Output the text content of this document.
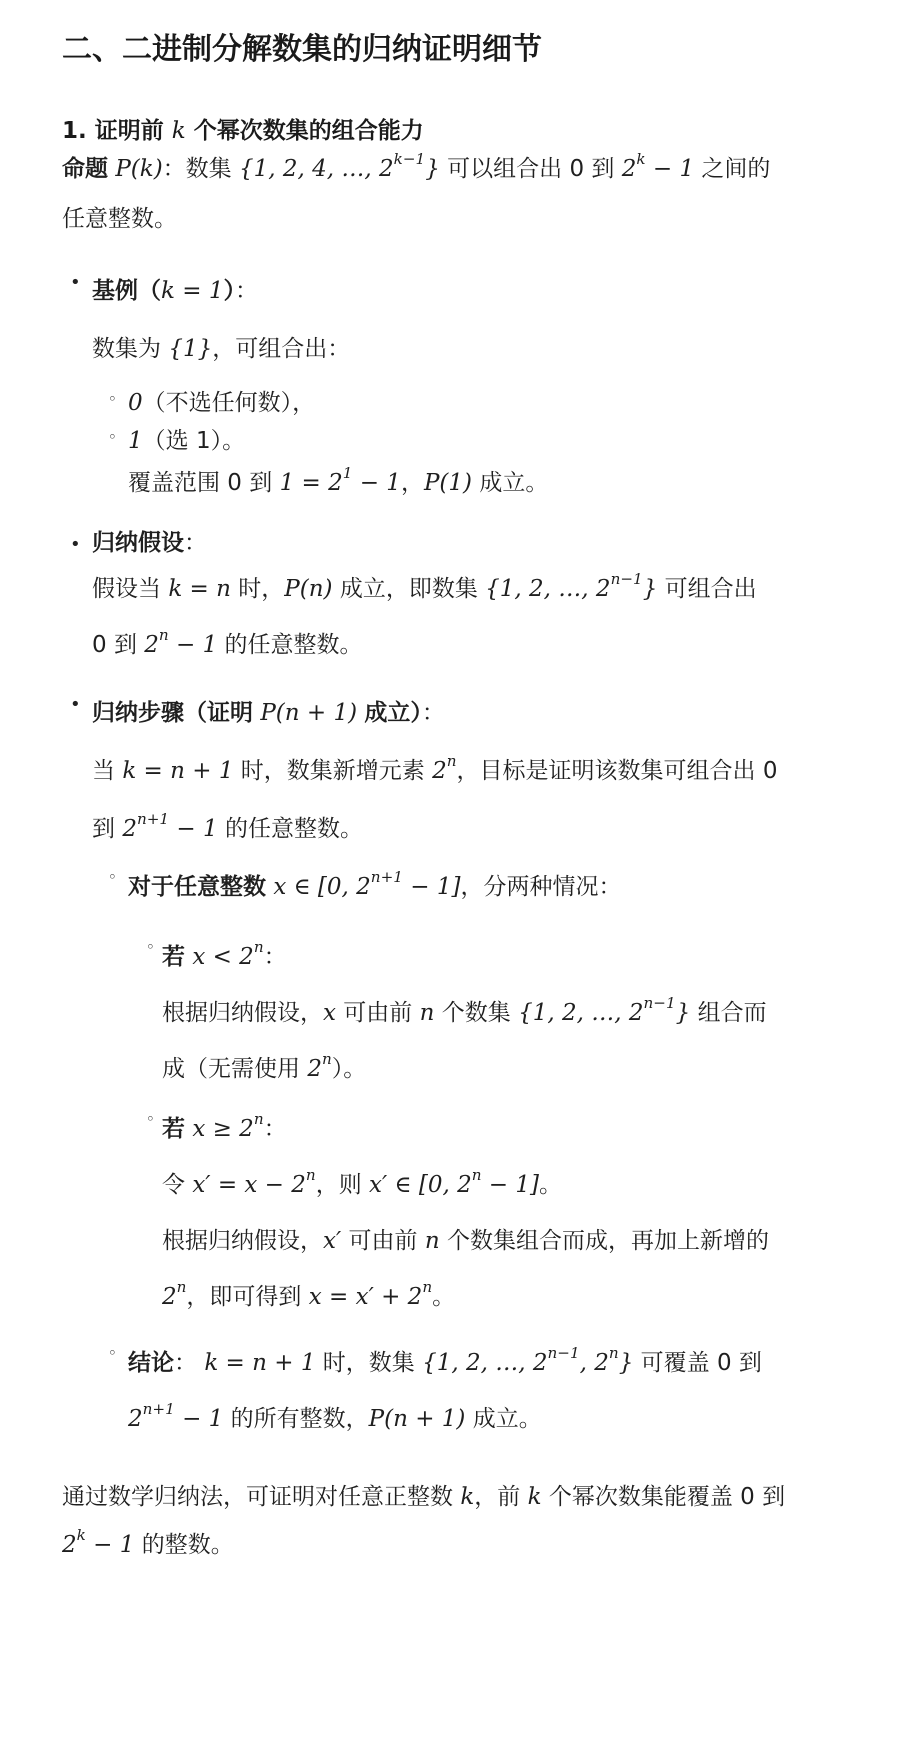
二、二进制分解数集的归纳证明细节
1. 证明前 k 个幂次数集的组合能力
命题 P(k)：数集 {1, 2, 4, …, $2^{k-1}$} 可以组合出 0 到 $2^k - 1$ 之间的
任意整数。
• 基例（k = 1）：
数集为 {1}，可组合出：
◦ 0（不选任何数），
◦ 1（选 1）。
覆盖范围 0 到 $1 = 2^1 - 1$，P(1) 成立。
• 归纳假设：
假设当 k = n 时，P(n) 成立，即数集 {1, 2, …, $2^{n-1}$} 可组合出
0 到 $2^n - 1$ 的任意整数。
• 归纳步骤（证明 P(n + 1) 成立）：
当 k = n + 1 时，数集新增元素 2$^n$，目标是证明该数集可组合出 0
到 $2^{n+1} - 1$ 的任意整数。
◦ 对于任意整数 x ∈ [0, $2^{n+1} - 1$]，分两种情况：
◦ 若 $x < 2^n$：
根据归纳假设，x 可由前 n 个数集 {1, 2, …, $2^{n-1}$} 组合而
成（无需使用 2$^n$）。
◦ 若 $x \ge 2^n$：
令 $x' = x - 2^n$，则 x′ ∈ [0, $2^n - 1$]。
根据归纳假设，x′ 可由前 n 个数集组合而成，再加上新增的
2$^n$，即可得到 $x = x' + 2^n$。
◦ 结论： k = n + 1 时，数集 {1, 2, …, $2^{n-1}$, 2$^n$} 可覆盖 0 到
$2^{n+1} - 1$ 的所有整数，P(n + 1) 成立。
通过数学归纳法，可证明对任意正整数 k，前 k 个幂次数集能覆盖 0 到
$2^k - 1$ 的整数。
